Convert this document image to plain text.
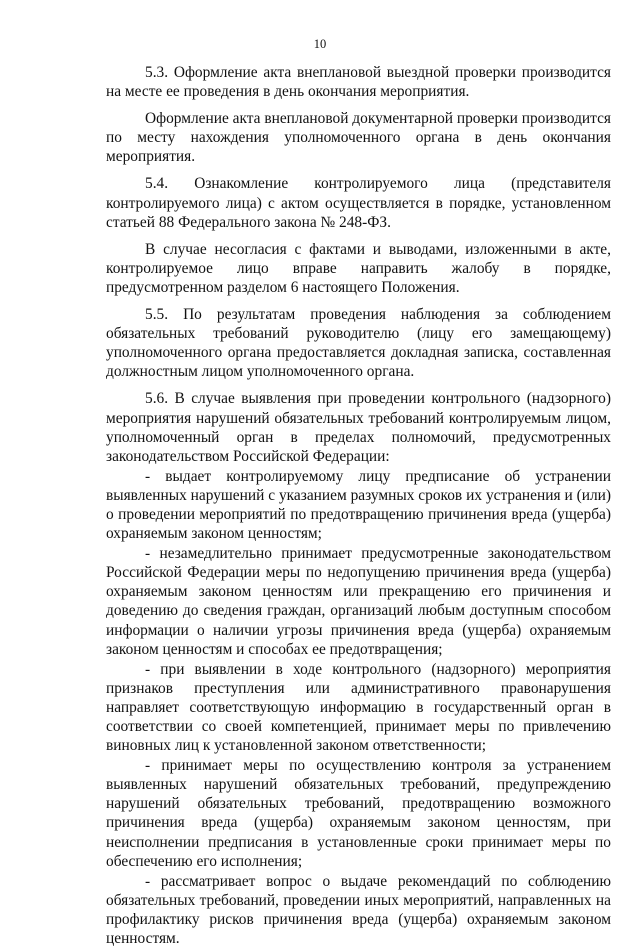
10

5.3. Оформление акта внеплановой выездной проверки производится на месте ее проведения в день окончания мероприятия.

Оформление акта внеплановой документарной проверки производится по месту нахождения уполномоченного органа в день окончания мероприятия.

5.4. Ознакомление контролируемого лица (представителя контролируемого лица) с актом осуществляется в порядке, установленном статьей 88 Федерального закона № 248-ФЗ.

В случае несогласия с фактами и выводами, изложенными в акте, контролируемое лицо вправе направить жалобу в порядке, предусмотренном разделом 6 настоящего Положения.

5.5. По результатам проведения наблюдения за соблюдением обязательных требований руководителю (лицу его замещающему) уполномоченного органа предоставляется докладная записка, составленная должностным лицом уполномоченного органа.

5.6. В случае выявления при проведении контрольного (надзорного) мероприятия нарушений обязательных требований контролируемым лицом, уполномоченный орган в пределах полномочий, предусмотренных законодательством Российской Федерации:

- выдает контролируемому лицу предписание об устранении выявленных нарушений с указанием разумных сроков их устранения и (или) о проведении мероприятий по предотвращению причинения вреда (ущерба) охраняемым законом ценностям;

- незамедлительно принимает предусмотренные законодательством Российской Федерации меры по недопущению причинения вреда (ущерба) охраняемым законом ценностям или прекращению его причинения и доведению до сведения граждан, организаций любым доступным способом информации о наличии угрозы причинения вреда (ущерба) охраняемым законом ценностям и способах ее предотвращения;

- при выявлении в ходе контрольного (надзорного) мероприятия признаков преступления или административного правонарушения направляет соответствующую информацию в государственный орган в соответствии со своей компетенцией, принимает меры по привлечению виновных лиц к установленной законом ответственности;

- принимает меры по осуществлению контроля за устранением выявленных нарушений обязательных требований, предупреждению нарушений обязательных требований, предотвращению возможного причинения вреда (ущерба) охраняемым законом ценностям, при неисполнении предписания в установленные сроки принимает меры по обеспечению его исполнения;

- рассматривает вопрос о выдаче рекомендаций по соблюдению обязательных требований, проведении иных мероприятий, направленных на профилактику рисков причинения вреда (ущерба) охраняемым законом ценностям.
